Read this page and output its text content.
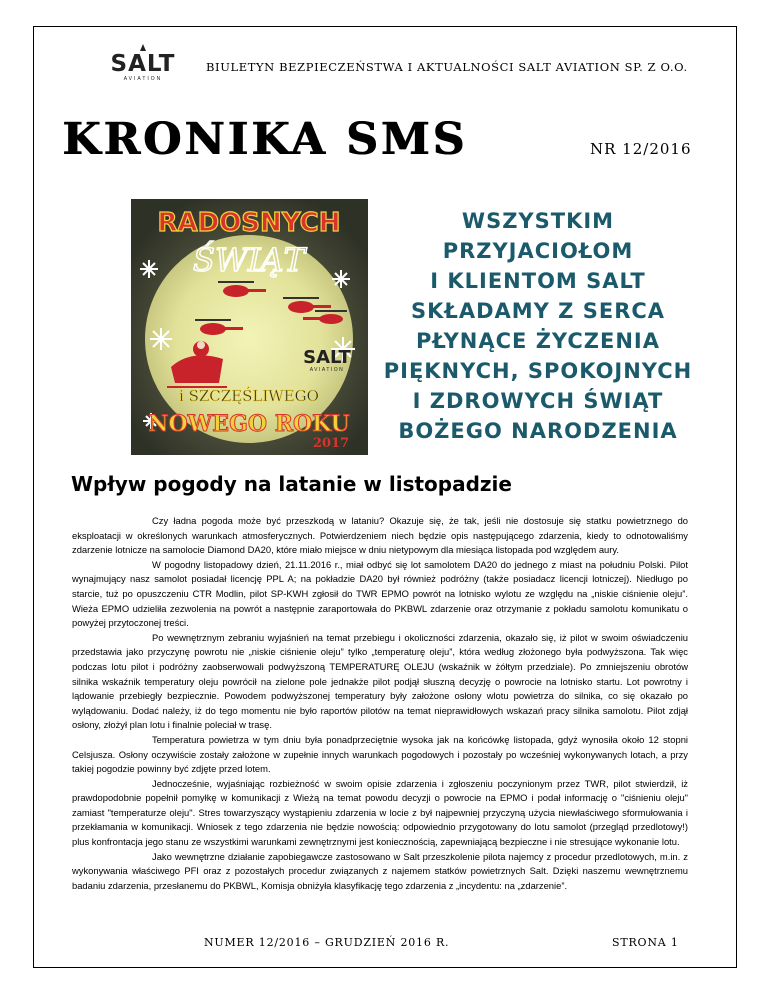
SALT
AVIATION
BIULETYN BEZPIECZEŃSTWA I AKTUALNOŚCI SALT AVIATION SP. Z O.O.
KRONIKA SMS	NR 12/2016
RADOSNYCH
ŚWIĄT
SALT
AVIATION
i SZCZĘŚLIWEGO
NOWEGO ROKU
2017
WSZYSTKIM
PRZYJACIOŁOM
I KLIENTOM SALT
SKŁADAMY Z SERCA
PŁYNĄCE ŻYCZENIA
PIĘKNYCH, SPOKOJNYCH
I ZDROWYCH ŚWIĄT
BOŻEGO NARODZENIA
Wpływ pogody na latanie w listopadzie

Czy ładna pogoda może być przeszkodą w lataniu? Okazuje się, że tak, jeśli nie dostosuje się statku powietrznego do eksploatacji w określonych warunkach atmosferycznych. Potwierdzeniem niech będzie opis następującego zdarzenia, kiedy to odnotowaliśmy zdarzenie lotnicze na samolocie Diamond DA20, które miało miejsce w dniu nietypowym dla miesiąca listopada pod względem aury.

W pogodny listopadowy dzień, 21.11.2016 r., miał odbyć się lot samolotem DA20 do jednego z miast na południu Polski. Pilot wynajmujący nasz samolot posiadał licencję PPL A; na pokładzie DA20 był również podróżny (także posiadacz licencji lotniczej). Niedługo po starcie, tuż po opuszczeniu CTR Modlin, pilot SP-KWH zgłosił do TWR EPMO powrót na lotnisko wylotu ze względu na „niskie ciśnienie oleju”. Wieża EPMO udzieliła zezwolenia na powrót a następnie zaraportowała do PKBWL zdarzenie oraz otrzymanie z pokładu samolotu komunikatu o powyżej przytoczonej treści.

Po wewnętrznym zebraniu wyjaśnień na temat przebiegu i okoliczności zdarzenia, okazało się, iż pilot w swoim oświadczeniu przedstawia jako przyczynę powrotu nie „niskie ciśnienie oleju” tylko „temperaturę oleju”, która według złożonego była podwyższona. Tak więc podczas lotu pilot i podróżny zaobserwowali podwyższoną TEMPERATURĘ OLEJU (wskaźnik w żółtym przedziale). Po zmniejszeniu obrotów silnika wskaźnik temperatury oleju powrócił na zielone pole jednakże pilot podjął słuszną decyzję o powrocie na lotnisko startu. Lot powrotny i lądowanie przebiegły bezpiecznie. Powodem podwyższonej temperatury były założone osłony wlotu powietrza do silnika, co się okazało po wylądowaniu. Dodać należy, iż do tego momentu nie było raportów pilotów na temat nieprawidłowych wskazań pracy silnika samolotu. Pilot zdjął osłony, złożył plan lotu i finalnie poleciał w trasę.

Temperatura powietrza w tym dniu była ponadprzeciętnie wysoka jak na końcówkę listopada, gdyż wynosiła około 12 stopni Celsjusza. Osłony oczywiście zostały założone w zupełnie innych warunkach pogodowych i pozostały po wcześniej wykonywanych lotach, a przy takiej pogodzie powinny być zdjęte przed lotem.

Jednocześnie, wyjaśniając rozbieżność w swoim opisie zdarzenia i zgłoszeniu poczynionym przez TWR, pilot stwierdził, iż prawdopodobnie popełnił pomyłkę w komunikacji z Wieżą na temat powodu decyzji o powrocie na EPMO i podał informację o "ciśnieniu oleju" zamiast "temperaturze oleju". Stres towarzyszący wystąpieniu zdarzenia w locie z był najpewniej przyczyną użycia niewłaściwego sformułowania i przekłamania w komunikacji. Wniosek z tego zdarzenia nie będzie nowością: odpowiednio przygotowany do lotu samolot (przegląd przedlotowy!) plus konfrontacja jego stanu ze wszystkimi warunkami zewnętrznymi jest koniecznością, zapewniającą bezpieczne i nie stresujące wykonanie lotu.

Jako wewnętrzne działanie zapobiegawcze zastosowano w Salt przeszkolenie pilota najemcy z procedur przedlotowych, m.in. z wykonywania właściwego PFI oraz z pozostałych procedur związanych z najemem statków powietrznych Salt. Dzięki naszemu wewnętrznemu badaniu zdarzenia, przesłanemu do PKBWL, Komisja obniżyła klasyfikację tego zdarzenia z „incydentu: na „zdarzenie”.

NUMER 12/2016 – GRUDZIEŃ 2016 R.	STRONA 1
